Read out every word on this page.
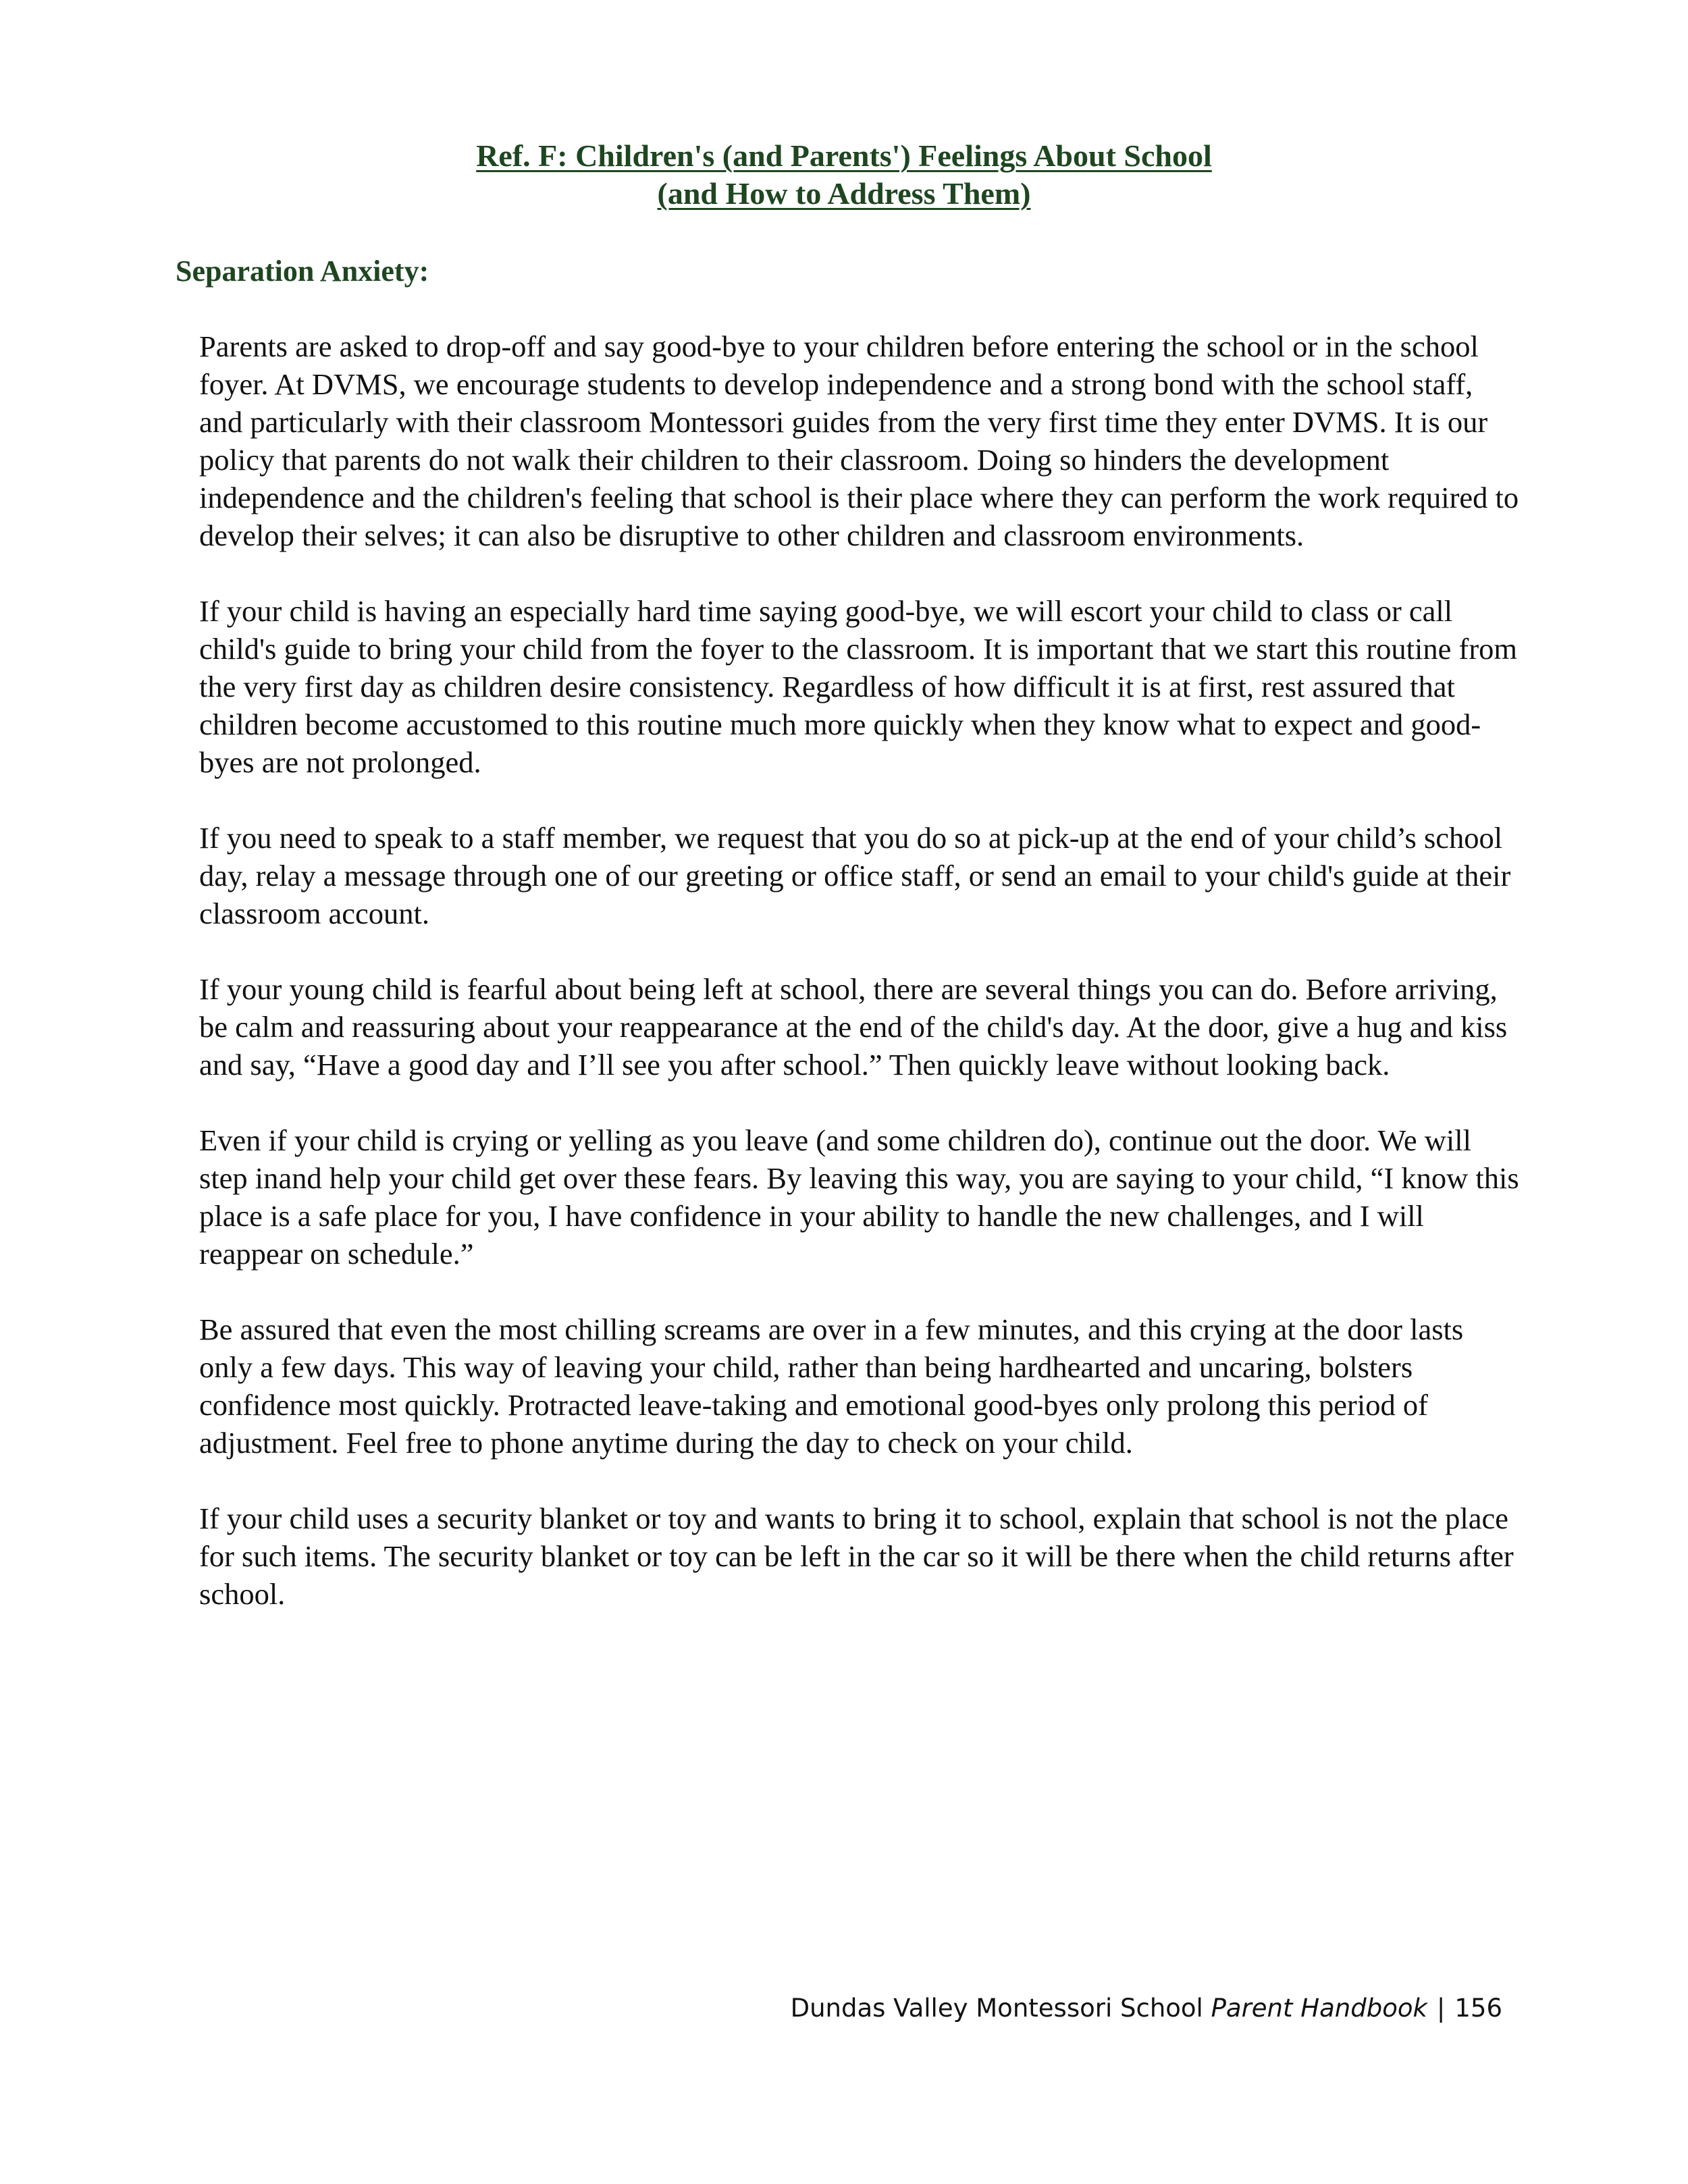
Ref. F: Children's (and Parents') Feelings About School
(and How to Address Them)
Separation Anxiety:

Parents are asked to drop-off and say good-bye to your children before entering the school or in the school foyer. At DVMS, we encourage students to develop independence and a strong bond with the school staff, and particularly with their classroom Montessori guides from the very first time they enter DVMS. It is our policy that parents do not walk their children to their classroom. Doing so hinders the development independence and the children's feeling that school is their place where they can perform the work required to develop their selves; it can also be disruptive to other children and classroom environments.

If your child is having an especially hard time saying good-bye, we will escort your child to class or call child's guide to bring your child from the foyer to the classroom. It is important that we start this routine from the very first day as children desire consistency. Regardless of how difficult it is at first, rest assured that children become accustomed to this routine much more quickly when they know what to expect and good-byes are not prolonged.

If you need to speak to a staff member, we request that you do so at pick-up at the end of your child’s school day, relay a message through one of our greeting or office staff, or send an email to your child's guide at their classroom account.

If your young child is fearful about being left at school, there are several things you can do. Before arriving, be calm and reassuring about your reappearance at the end of the child's day. At the door, give a hug and kiss and say, “Have a good day and I’ll see you after school.” Then quickly leave without looking back.

Even if your child is crying or yelling as you leave (and some children do), continue out the door. We will step inand help your child get over these fears. By leaving this way, you are saying to your child, “I know this place is a safe place for you, I have confidence in your ability to handle the new challenges, and I will reappear on schedule.”

Be assured that even the most chilling screams are over in a few minutes, and this crying at the door lasts only a few days. This way of leaving your child, rather than being hardhearted and uncaring, bolsters confidence most quickly. Protracted leave-taking and emotional good-byes only prolong this period of adjustment. Feel free to phone anytime during the day to check on your child.

If your child uses a security blanket or toy and wants to bring it to school, explain that school is not the place for such items. The security blanket or toy can be left in the car so it will be there when the child returns after school.

Dundas Valley Montessori School Parent Handbook | 156
